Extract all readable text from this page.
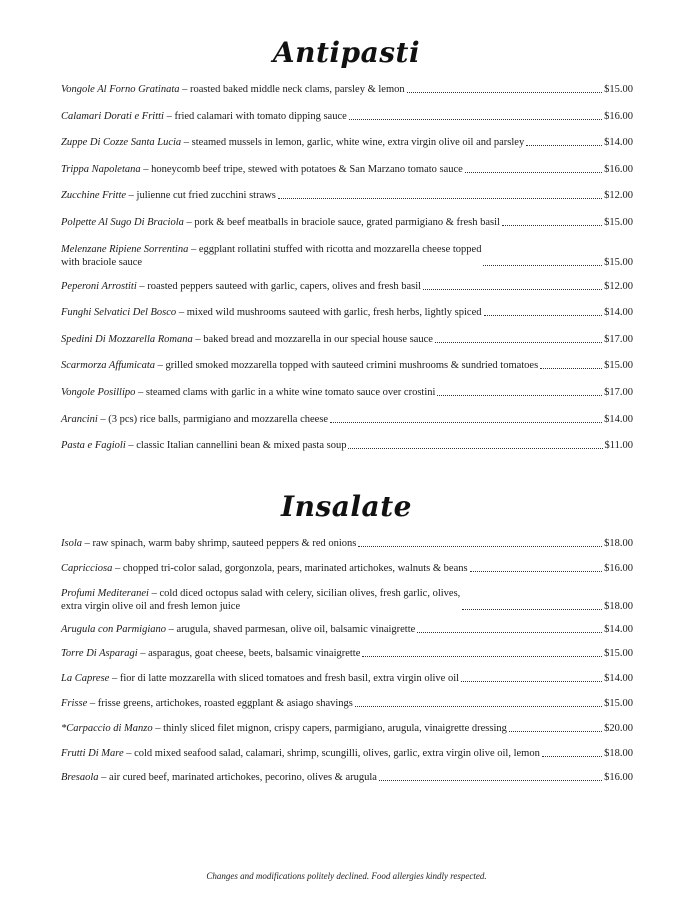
Antipasti
Vongole Al Forno Gratinata – roasted baked middle neck clams, parsley & lemon	$15.00
Calamari Dorati e Fritti – fried calamari with tomato dipping sauce	$16.00
Zuppe Di Cozze Santa Lucia – steamed mussels in lemon, garlic, white wine, extra virgin olive oil and parsley	$14.00
Trippa Napoletana – honeycomb beef tripe, stewed with potatoes & San Marzano tomato sauce	$16.00
Zucchine Fritte – julienne cut fried zucchini straws	$12.00
Polpette Al Sugo Di Braciola – pork & beef meatballs in braciole sauce, grated parmigiano & fresh basil	$15.00
Melenzane Ripiene Sorrentina – eggplant rollatini stuffed with ricotta and mozzarella cheese topped
with braciole sauce	$15.00
Peperoni Arrostiti – roasted peppers sauteed with garlic, capers, olives and fresh basil	$12.00
Funghi Selvatici Del Bosco – mixed wild mushrooms sauteed with garlic, fresh herbs, lightly spiced	$14.00
Spedini Di Mozzarella Romana – baked bread and mozzarella in our special house sauce	$17.00
Scarmorza Affumicata – grilled smoked mozzarella topped with sauteed crimini mushrooms & sundried tomatoes	$15.00
Vongole Posillipo – steamed clams with garlic in a white wine tomato sauce over crostini	$17.00
Arancini – (3 pcs) rice balls, parmigiano and mozzarella cheese	$14.00
Pasta e Fagioli – classic Italian cannellini bean & mixed pasta soup	$11.00
Insalate
Isola – raw spinach, warm baby shrimp, sauteed peppers & red onions	$18.00
Capricciosa – chopped tri-color salad, gorgonzola, pears, marinated artichokes, walnuts & beans	$16.00
Profumi Mediteranei – cold diced octopus salad with celery, sicilian olives, fresh garlic, olives,
extra virgin olive oil and fresh lemon juice	$18.00
Arugula con Parmigiano – arugula, shaved parmesan, olive oil, balsamic vinaigrette	$14.00
Torre Di Asparagi – asparagus, goat cheese, beets, balsamic vinaigrette	$15.00
La Caprese – fior di latte mozzarella with sliced tomatoes and fresh basil, extra virgin olive oil	$14.00
Frisse – frisse greens, artichokes, roasted eggplant & asiago shavings	$15.00
*Carpaccio di Manzo – thinly sliced filet mignon, crispy capers, parmigiano, arugula, vinaigrette dressing	$20.00
Frutti Di Mare – cold mixed seafood salad, calamari, shrimp, scungilli, olives, garlic, extra virgin olive oil, lemon	$18.00
Bresaola – air cured beef, marinated artichokes, pecorino, olives & arugula	$16.00
Changes and modifications politely declined. Food allergies kindly respected.
